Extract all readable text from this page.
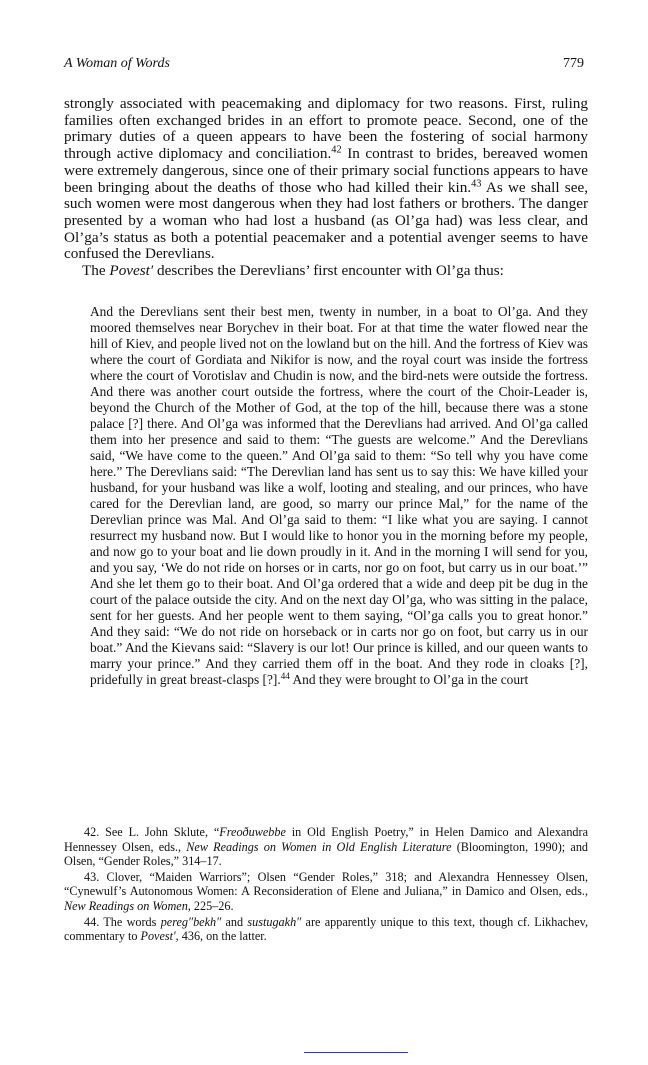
A Woman of Words	779

strongly associated with peacemaking and diplomacy for two reasons. First, ruling families often exchanged brides in an effort to promote peace. Second, one of the primary duties of a queen appears to have been the fostering of social harmony through active diplomacy and conciliation.$^{42}$ In contrast to brides, bereaved women were extremely dangerous, since one of their primary social functions appears to have been bringing about the deaths of those who had killed their kin.$^{43}$ As we shall see, such women were most dangerous when they had lost fathers or brothers. The danger presented by a woman who had lost a husband (as Ol’ga had) was less clear, and Ol’ga’s status as both a potential peacemaker and a potential avenger seems to have confused the Derevlians.

The Povest′ describes the Derevlians’ first encounter with Ol’ga thus:

And the Derevlians sent their best men, twenty in number, in a boat to Ol’ga. And they moored themselves near Borychev in their boat. For at that time the water flowed near the hill of Kiev, and people lived not on the lowland but on the hill. And the fortress of Kiev was where the court of Gordiata and Nikifor is now, and the royal court was inside the fortress where the court of Vorotislav and Chudin is now, and the bird-nets were outside the fortress. And there was another court outside the fortress, where the court of the Choir-Leader is, beyond the Church of the Mother of God, at the top of the hill, because there was a stone palace [?] there. And Ol’ga was informed that the Derevlians had arrived. And Ol’ga called them into her presence and said to them: “The guests are welcome.” And the Derevlians said, “We have come to the queen.” And Ol’ga said to them: “So tell why you have come here.” The Derevlians said: “The Derevlian land has sent us to say this: We have killed your husband, for your husband was like a wolf, looting and stealing, and our princes, who have cared for the Derevlian land, are good, so marry our prince Mal,” for the name of the Derevlian prince was Mal. And Ol’ga said to them: “I like what you are saying. I cannot resurrect my husband now. But I would like to honor you in the morning before my people, and now go to your boat and lie down proudly in it. And in the morning I will send for you, and you say, ‘We do not ride on horses or in carts, nor go on foot, but carry us in our boat.’” And she let them go to their boat. And Ol’ga ordered that a wide and deep pit be dug in the court of the palace outside the city. And on the next day Ol’ga, who was sitting in the palace, sent for her guests. And her people went to them saying, “Ol’ga calls you to great honor.” And they said: “We do not ride on horseback or in carts nor go on foot, but carry us in our boat.” And the Kievans said: “Slavery is our lot! Our prince is killed, and our queen wants to marry your prince.” And they carried them off in the boat. And they rode in cloaks [?], pridefully in great breast-clasps [?].$^{44}$ And they were brought to Ol’ga in the court

42. See L. John Sklute, “Freoðuwebbe in Old English Poetry,” in Helen Damico and Alexandra Hennessey Olsen, eds., New Readings on Women in Old English Literature (Bloomington, 1990); and Olsen, “Gender Roles,” 314–17.

43. Clover, “Maiden Warriors”; Olsen “Gender Roles,” 318; and Alexandra Hennessey Olsen, “Cynewulf’s Autonomous Women: A Reconsideration of Elene and Juliana,” in Damico and Olsen, eds., New Readings on Women, 225–26.

44. The words pereg″bekh″ and sustugakh″ are apparently unique to this text, though cf. Likhachev, commentary to Povest′, 436, on the latter.
